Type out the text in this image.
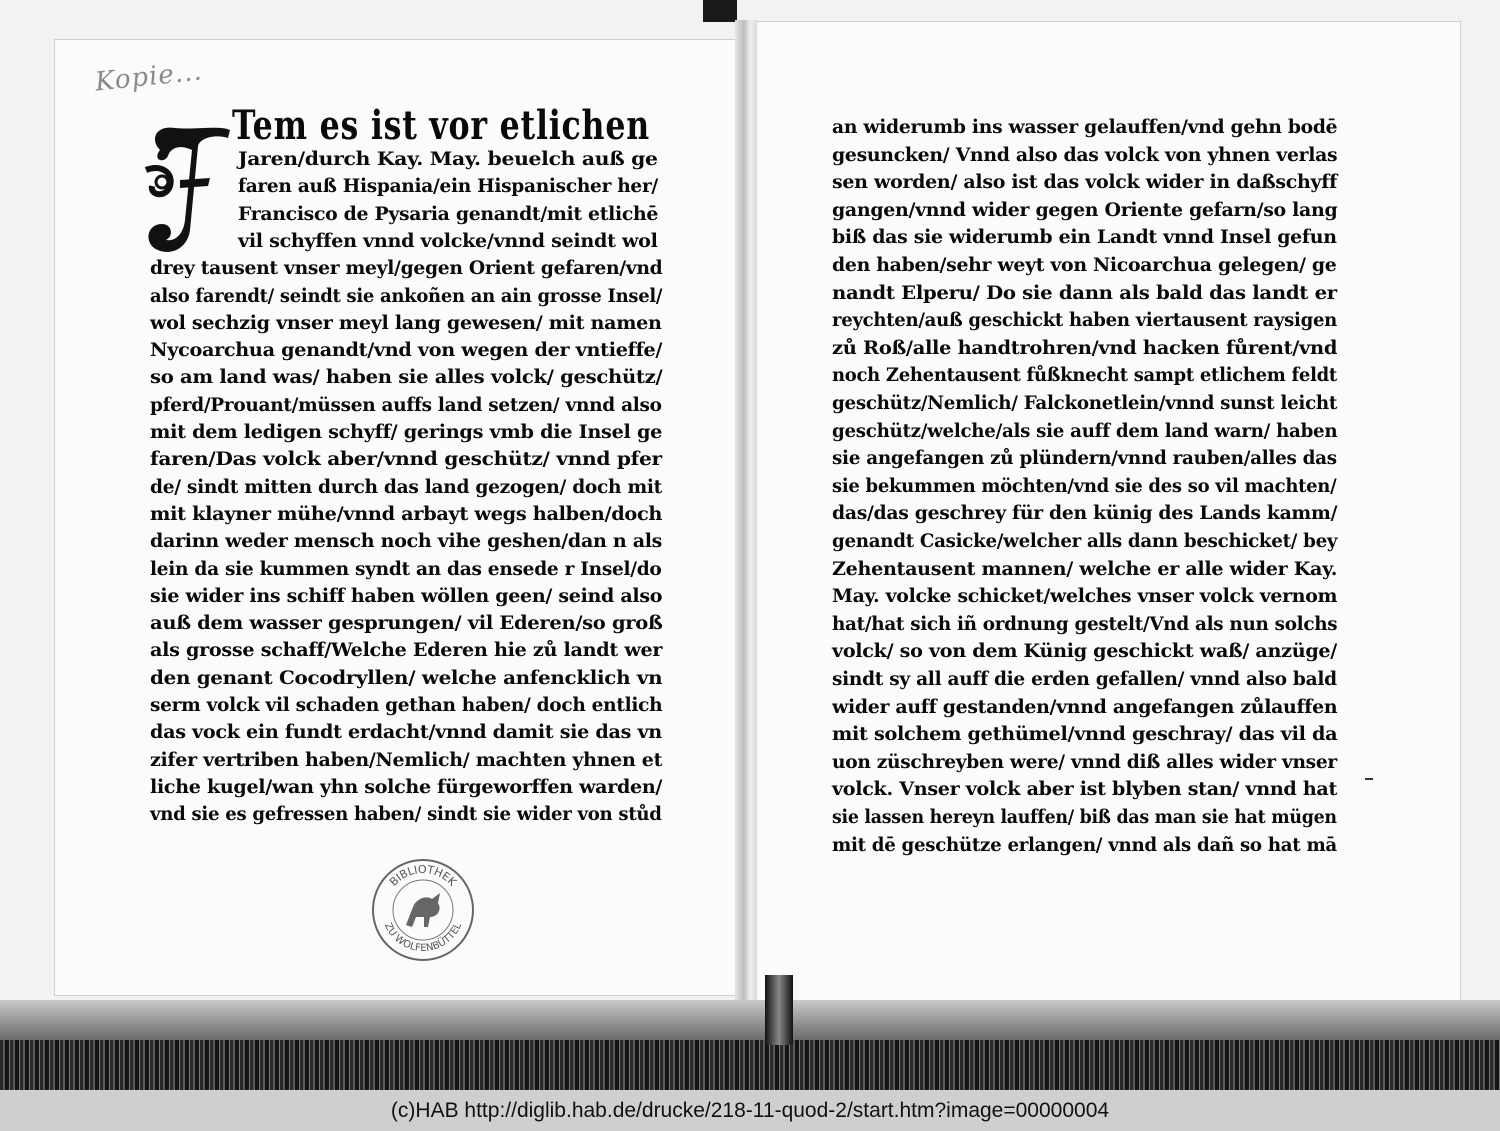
Kopie...
Tem es ist vor etlichen
Jaren/durch Kay. May. beuelch auß ge
faren auß Hispania/ein Hispanischer her/
Francisco de Pysaria genandt/mit etlichē
vil schyffen vnnd volcke/vnnd seindt wol
drey tausent vnser meyl/gegen Orient gefaren/vnd
also farendt/ seindt sie ankoñen an ain grosse Insel/
wol sechzig vnser meyl lang gewesen/ mit namen
Nycoarchua genandt/vnd von wegen der vntieffe/
so am land was/ haben sie alles volck/ geschütz/
pferd/Prouant/müssen auffs land setzen/ vnnd also
mit dem ledigen schyff/ gerings vmb die Insel ge
faren/Das volck aber/vnnd geschütz/ vnnd pfer
de/ sindt mitten durch das land gezogen/ doch mit
mit klayner mühe/vnnd arbayt wegs halben/doch
darinn weder mensch noch vihe geshen/dan n als
lein da sie kummen syndt an das ensede r Insel/do
sie wider ins schiff haben wöllen geen/ seind also
auß dem wasser gesprungen/ vil Ederen/so groß
als grosse schaff/Welche Ederen hie zů landt wer
den genant Cocodryllen/ welche anfencklich vn
serm volck vil schaden gethan haben/ doch entlich
das vock ein fundt erdacht/vnnd damit sie das vn
zifer vertriben haben/Nemlich/ machten yhnen et
liche kugel/wan yhn solche fürgeworffen warden/
vnd sie es gefressen haben/ sindt sie wider von stůd
an widerumb ins wasser gelauffen/vnd gehn bodē
gesuncken/ Vnnd also das volck von yhnen verlas
sen worden/ also ist das volck wider in daßschyff
gangen/vnnd wider gegen Oriente gefarn/so lang
biß das sie widerumb ein Landt vnnd Insel gefun
den haben/sehr weyt von Nicoarchua gelegen/ ge
nandt Elperu/ Do sie dann als bald das landt er
reychten/auß geschickt haben viertausent raysigen
zů Roß/alle handtrohren/vnd hacken fůrent/vnd
noch Zehentausent fůßknecht sampt etlichem feldt
geschütz/Nemlich/ Falckonetlein/vnnd sunst leicht
geschütz/welche/als sie auff dem land warn/ haben
sie angefangen zů plündern/vnnd rauben/alles das
sie bekummen möchten/vnd sie des so vil machten/
das/das geschrey für den künig des Lands kamm/
genandt Casicke/welcher alls dann beschicket/ bey
Zehentausent mannen/ welche er alle wider Kay.
May. volcke schicket/welches vnser volck vernom
hat/hat sich iñ ordnung gestelt/Vnd als nun solchs
volck/ so von dem Künig geschickt waß/ anzüge/
sindt sy all auff die erden gefallen/ vnnd also bald
wider auff gestanden/vnnd angefangen zůlauffen
mit solchem gethümel/vnnd geschray/ das vil da
uon züschreyben were/ vnnd diß alles wider vnser
volck. Vnser volck aber ist blyben stan/ vnnd hat
sie lassen hereyn lauffen/ biß das man sie hat mügen
mit dē geschütze erlangen/ vnnd als dañ so hat mā
BIBLIOTHEK
ZU WOLFENBÜTTEL
(c)HAB http://diglib.hab.de/drucke/218-11-quod-2/start.htm?image=00000004
